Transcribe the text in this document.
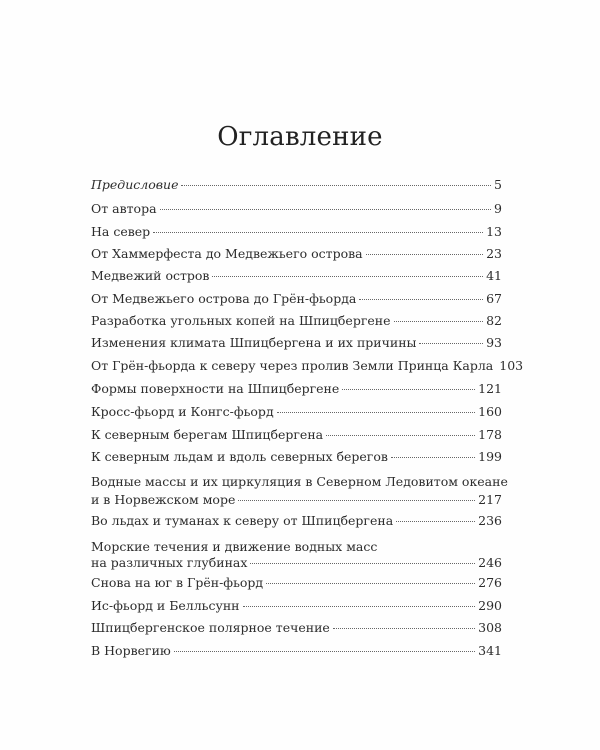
Оглавление
Предисловие	5
От автора	9
На север	13
От Хаммерфеста до Медвежьего острова	23
Медвежий остров	41
От Медвежьего острова до Грён-фьорда	67
Разработка угольных копей на Шпицбергене	82
Изменения климата Шпицбергена и их причины	93
От Грён-фьорда к северу через пролив Земли Принца Карла 103
Формы поверхности на Шпицбергене	121
Кросс-фьорд и Конгс-фьорд	160
К северным берегам Шпицбергена	178
К северным льдам и вдоль северных берегов	199
Водные массы и их циркуляция в Северном Ледовитом океане
и в Норвежском море	217
Во льдах и туманах к северу от Шпицбергена	236
Морские течения и движение водных масс
на различных глубинах	246
Снова на юг в Грён-фьорд	276
Ис-фьорд и Белльсунн	290
Шпицбергенское полярное течение	308
В Норвегию	341
